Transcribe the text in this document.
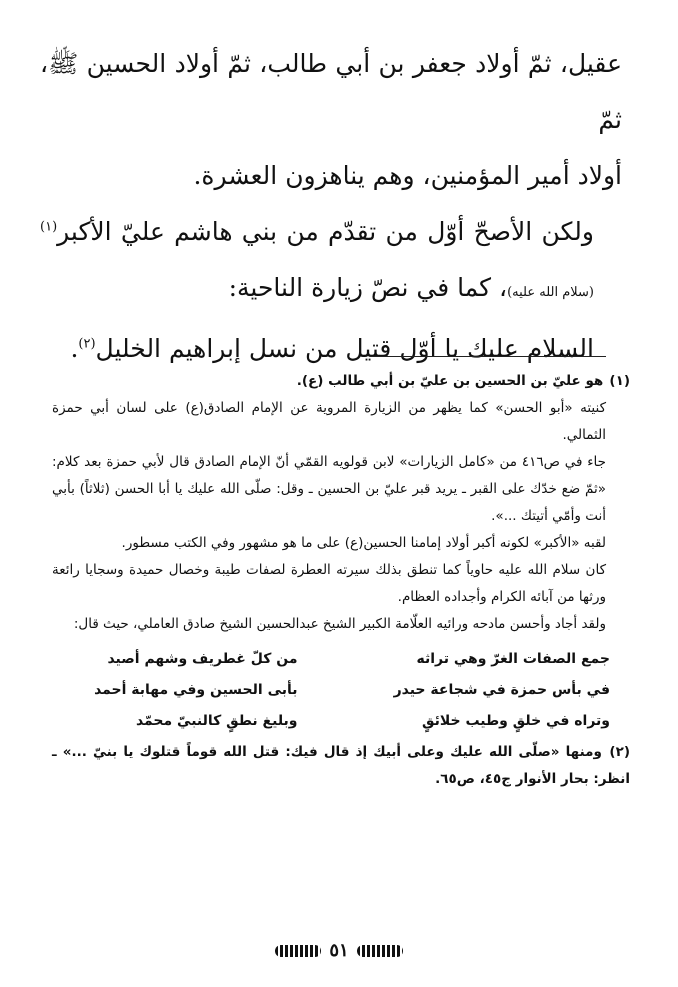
عقيل، ثمّ أولاد جعفر بن أبي طالب، ثمّ أولاد الحسين ﷺ، ثمّ

أولاد أمير المؤمنين، وهم يناهزون العشرة.

ولكن الأصحّ أوّل من تقدّم من بني هاشم عليّ الأكبر$^{(١)}$ (سلام الله عليه)، كما في نصّ زيارة الناحية:

السلام عليك يا أوّل قتيل من نسل إبراهيم الخليل$^{(٢)}$.

(١) هو عليّ بن الحسين بن عليّ بن أبي طالب (ع).

كنيته «أبو الحسن» كما يظهر من الزيارة المروية عن الإمام الصادق(ع) على لسان أبي حمزة الثمالي.

جاء في ص٤١٦ من «كامل الزيارات» لابن قولويه القمّي أنّ الإمام الصادق قال لأبي حمزة بعد كلام: «ثمّ ضع خدّك على القبر ـ يريد قبر عليّ بن الحسين ـ وقل: صلّى الله عليك يا أبا الحسن (ثلاثاً) بأبي أنت وأمّي أتيتك ...».

لقبه «الأكبر» لكونه أكبر أولاد إمامنا الحسين(ع) على ما هو مشهور وفي الكتب مسطور.

كان سلام الله عليه حاوياً كما تنطق بذلك سيرته العطرة لصفات طيبة وخصال حميدة وسجايا رائعة ورثها من آبائه الكرام وأجداده العظام.

ولقد أجاد وأحسن مادحه ورائيه العلّامة الكبير الشيخ عبدالحسين الشيخ صادق العاملي، حيث قال:

جمع الصفات الغرّ وهي تراثه
من كلّ غطريف وشهم أصيد
في بأس حمزة في شجاعة حيدر
بأبى الحسين وفي مهابة أحمد
وتراه في خلقٍ وطيب خلائقٍ
وبليغ نطقٍ كالنبيّ محمّد

(٢) ومنها «صلّى الله عليك وعلى أبيك إذ قال فيك: قتل الله قوماً قتلوك يا بنيّ ...» ـ انظر: بحار الأنوار ج٤٥، ص٦٥.

٥١
